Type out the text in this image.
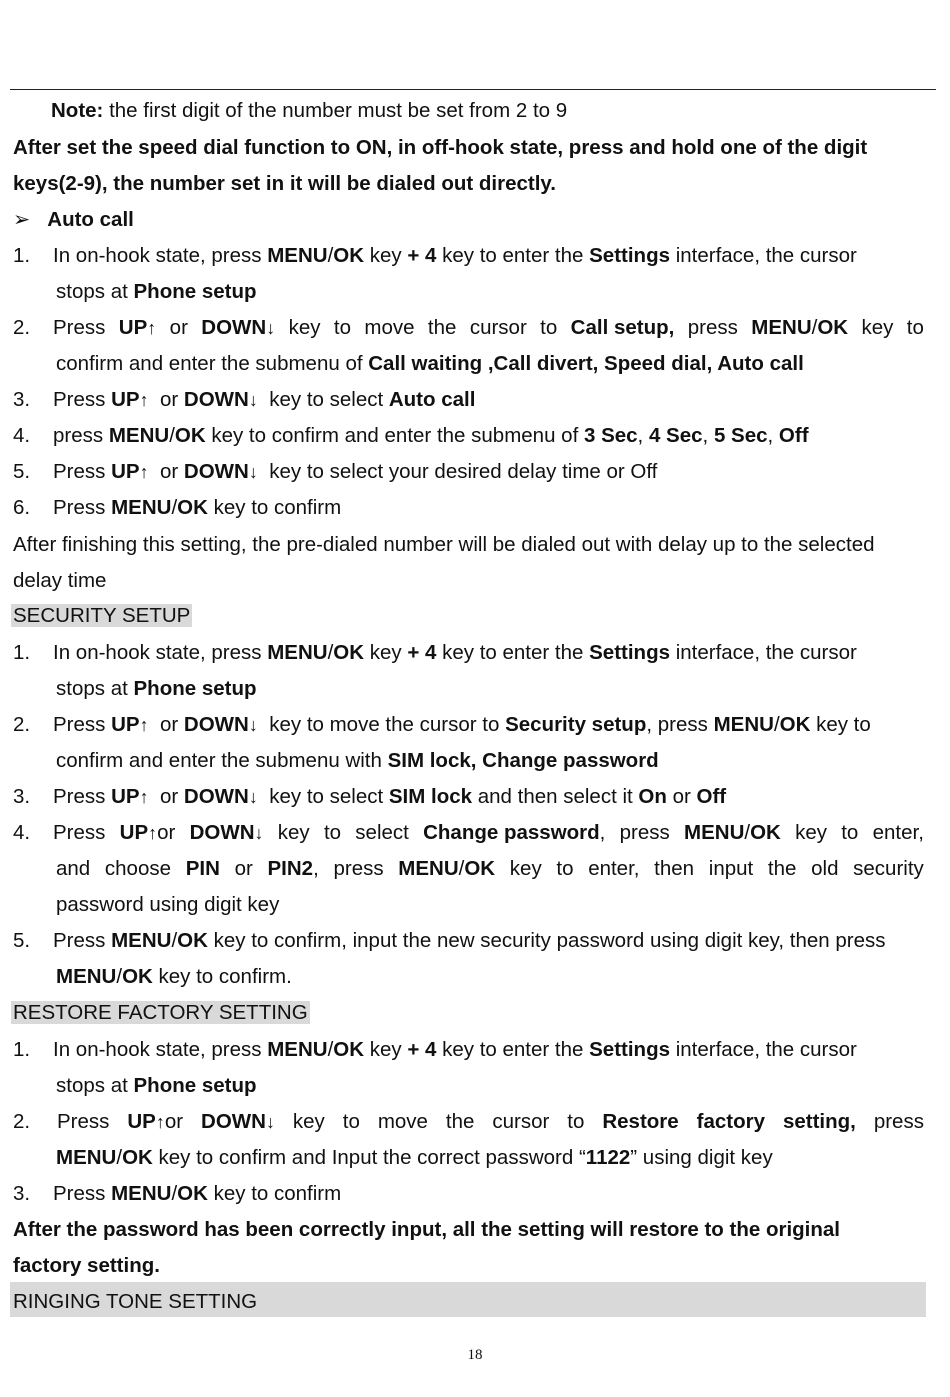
Note: the first digit of the number must be set from 2 to 9
After set the speed dial function to ON, in off-hook state, press and hold one of the digit
keys(2-9), the number set in it will be dialed out directly.
➢ Auto call
1. In on-hook state, press MENU/OK key + 4 key to enter the Settings interface, the cursor
stops at Phone setup
2. Press UP↑ or DOWN↓ key to move the cursor to Call setup, press MENU/OK key to
confirm and enter the submenu of Call waiting ,Call divert, Speed dial, Auto call
3. Press UP↑  or DOWN↓  key to select Auto call
4. press MENU/OK key to confirm and enter the submenu of 3 Sec, 4 Sec, 5 Sec, Off
5. Press UP↑  or DOWN↓  key to select your desired delay time or Off
6. Press MENU/OK key to confirm
After finishing this setting, the pre-dialed number will be dialed out with delay up to the selected
delay time
SECURITY SETUP
1. In on-hook state, press MENU/OK key + 4 key to enter the Settings interface, the cursor
stops at Phone setup
2. Press UP↑  or DOWN↓  key to move the cursor to Security setup, press MENU/OK key to
confirm and enter the submenu with SIM lock, Change password
3. Press UP↑  or DOWN↓  key to select SIM lock and then select it On or Off
4. Press UP↑or DOWN↓ key to select Change password, press MENU/OK key to enter,
and choose PIN or PIN2, press MENU/OK key to enter, then input the old security
password using digit key
5. Press MENU/OK key to confirm, input the new security password using digit key, then press
MENU/OK key to confirm.
RESTORE FACTORY SETTING
1. In on-hook state, press MENU/OK key + 4 key to enter the Settings interface, the cursor
stops at Phone setup
2. Press UP↑or DOWN↓ key to move the cursor to Restore factory setting, press
MENU/OK key to confirm and Input the correct password “1122” using digit key
3. Press MENU/OK key to confirm
After the password has been correctly input, all the setting will restore to the original
factory setting.
RINGING TONE SETTING
18
